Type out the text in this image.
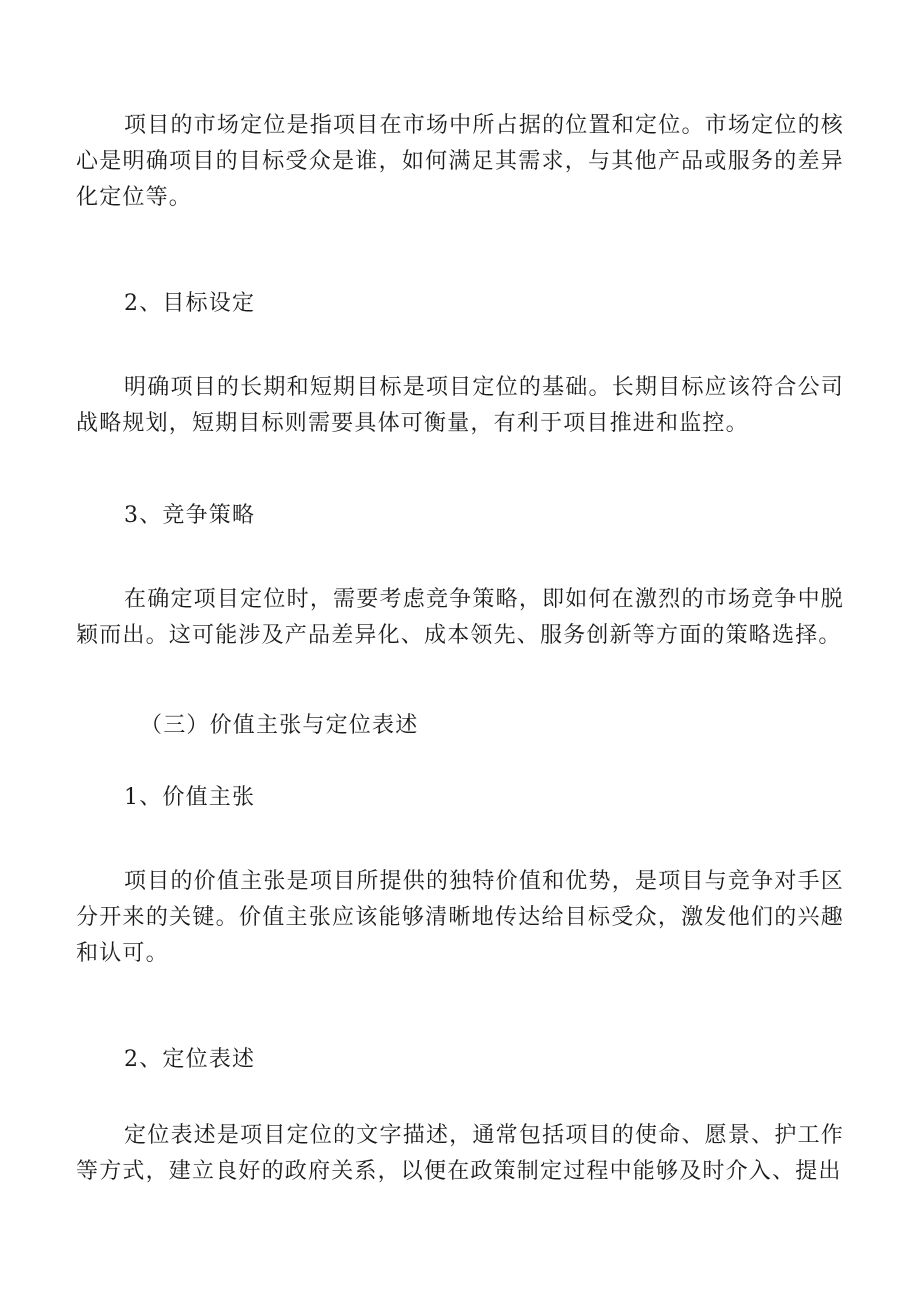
项目的市场定位是指项目在市场中所占据的位置和定位。市场定位的核心是明确项目的目标受众是谁，如何满足其需求，与其他产品或服务的差异化定位等。

2、目标设定

明确项目的长期和短期目标是项目定位的基础。长期目标应该符合公司战略规划，短期目标则需要具体可衡量，有利于项目推进和监控。

3、竞争策略

在确定项目定位时，需要考虑竞争策略，即如何在激烈的市场竞争中脱颖而出。这可能涉及产品差异化、成本领先、服务创新等方面的策略选择。

（三）价值主张与定位表述

1、价值主张

项目的价值主张是项目所提供的独特价值和优势，是项目与竞争对手区分开来的关键。价值主张应该能够清晰地传达给目标受众，激发他们的兴趣和认可。

2、定位表述

定位表述是项目定位的文字描述，通常包括项目的使命、愿景、护工作等方式，建立良好的政府关系，以便在政策制定过程中能够及时介入、提出
